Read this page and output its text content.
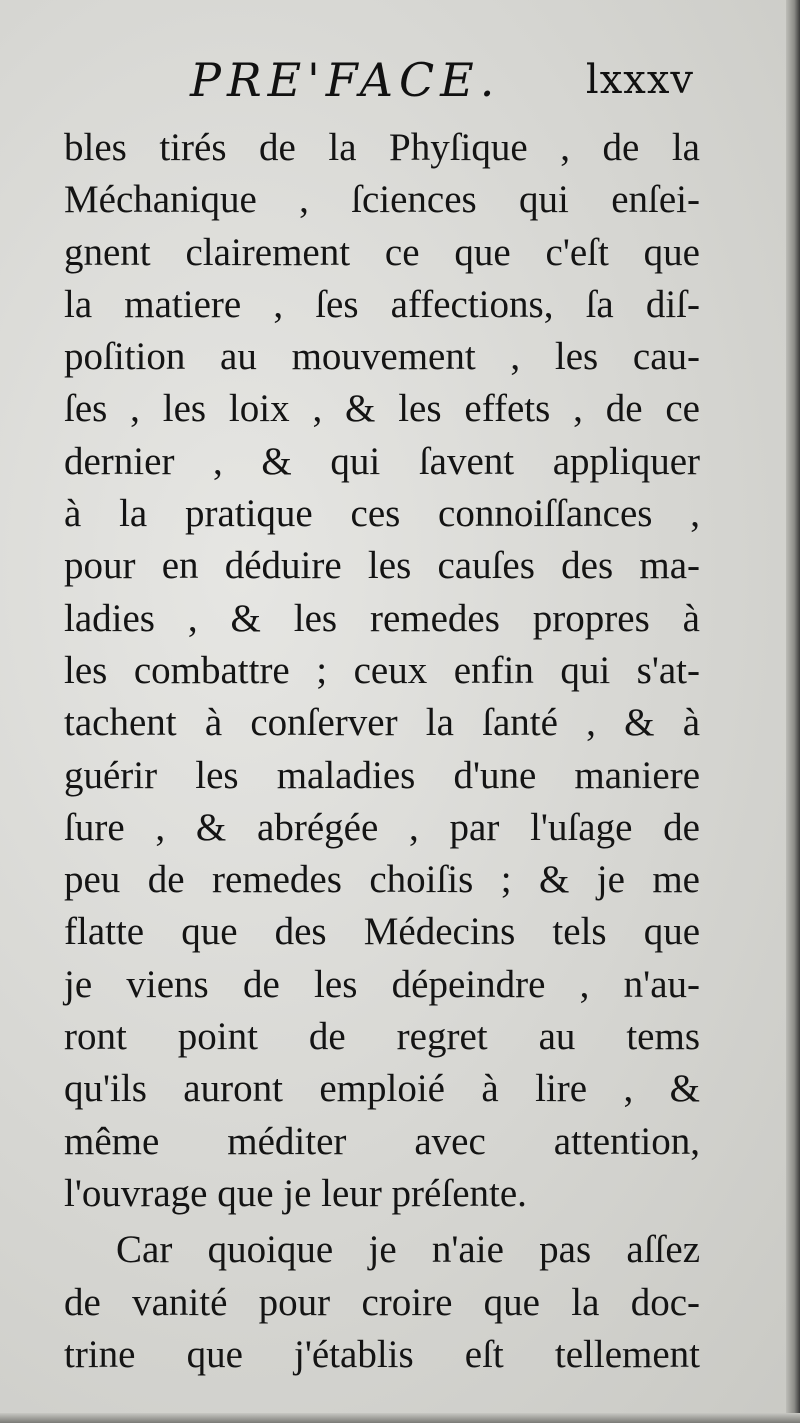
PRE'FACE. lxxxv
bles tirés de la Phyſique , de la
Méchanique , ſciences qui enſei-
gnent clairement ce que c'eſt que
la matiere , ſes affections, ſa diſ-
poſition au mouvement , les cau-
ſes , les loix , & les effets , de ce
dernier , & qui ſavent appliquer
à la pratique ces connoiſſances ,
pour en déduire les cauſes des ma-
ladies , & les remedes propres à
les combattre ; ceux enfin qui s'at-
tachent à conſerver la ſanté , & à
guérir les maladies d'une maniere
ſure , & abrégée , par l'uſage de
peu de remedes choiſis ; & je me
flatte que des Médecins tels que
je viens de les dépeindre , n'au-
ront point de regret au tems
qu'ils auront emploié à lire , &
même méditer avec attention,
l'ouvrage que je leur préſente.
Car quoique je n'aie pas aſſez
de vanité pour croire que la doc-
trine que j'établis eſt tellement
